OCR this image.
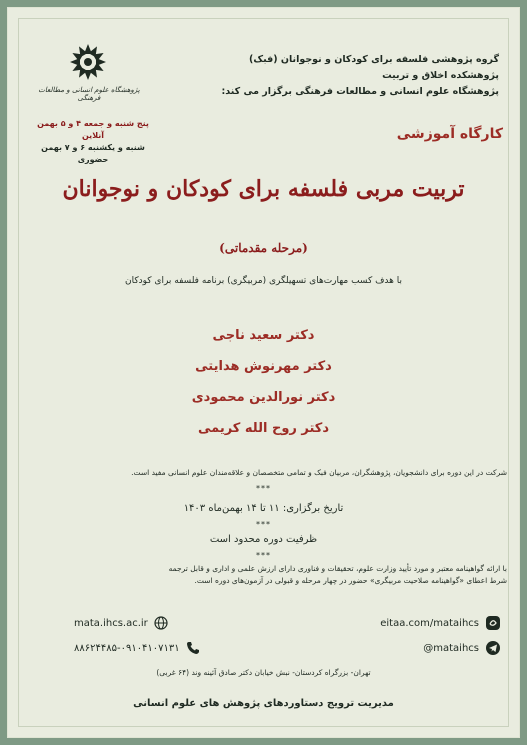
گروه پژوهشی فلسفه برای کودکان و نوجوانان (فبک) پژوهشکده اخلاق و تربیت
پژوهشگاه علوم انسانی و مطالعات فرهنگی برگزار می کند:
پژوهشگاه علوم انسانی و مطالعات فرهنگی
پنج شنبه و جمعه ۴ و ۵ بهمن آنلاین
شنبه و یکشنبه ۶ و ۷ بهمن حضوری
کارگاه آموزشی
تربیت مربی فلسفه برای کودکان و نوجوانان
(مرحله مقدماتی)
با هدف کسب مهارت‌های تسهیلگری (مربیگری) برنامه فلسفه برای کودکان
دکتر سعید ناجی
دکتر مهرنوش هدایتی
دکتر نورالدین محمودی
دکتر روح الله کریمی
شرکت در این دوره برای دانشجویان، پژوهشگران، مربیان فبک و تمامی متخصصان و علاقه‌مندان علوم انسانی مفید است.
***
تاریخ برگزاری: ۱۱ تا ۱۴ بهمن‌ماه ۱۴۰۳
***
ظرفیت دوره محدود است
***
با ارائه گواهینامه معتبر و مورد تأیید وزارت علوم، تحقیقات و فناوری دارای ارزش علمی و اداری و قابل ترجمه
شرط اعطای «گواهینامه صلاحیت مربیگری» حضور در چهار مرحله و قبولی در آزمون‌های دوره است.
mata.ihcs.ac.ir	eitaa.com/mataihcs
۸۸۶۲۴۴۸۵-۰۹۱۰۴۱۰۷۱۳۱	@mataihcs
تهران- بزرگراه کردستان- نبش خیابان دکتر صادق آئینه وند (۶۴ غربی)
مدیریت ترویج دستاوردهای پژوهش های علوم انسانی
